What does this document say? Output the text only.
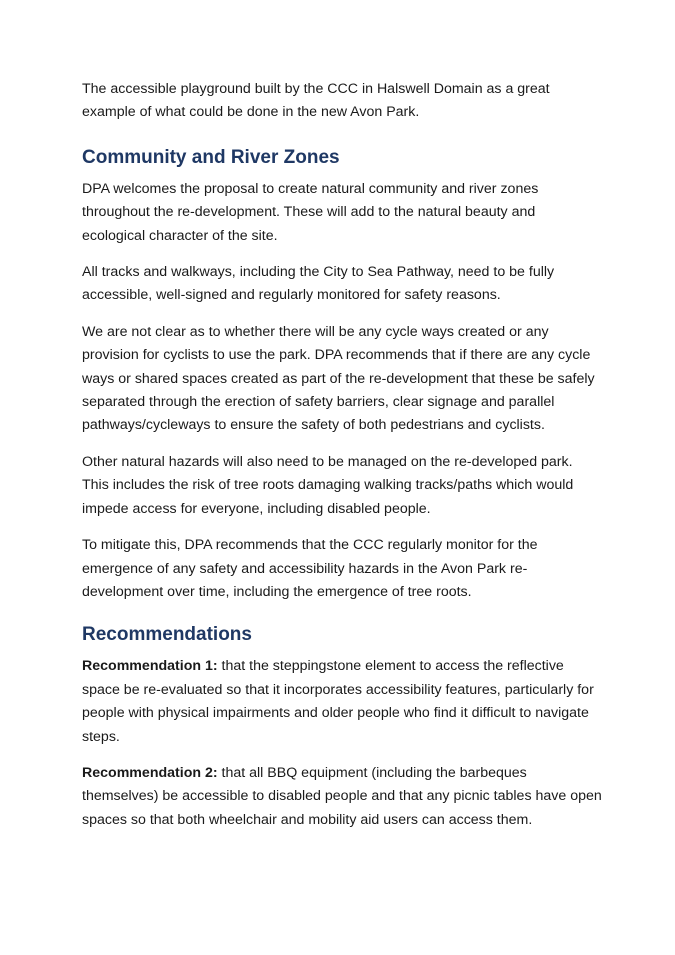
The accessible playground built by the CCC in Halswell Domain as a great example of what could be done in the new Avon Park.

Community and River Zones

DPA welcomes the proposal to create natural community and river zones throughout the re-development. These will add to the natural beauty and ecological character of the site.

All tracks and walkways, including the City to Sea Pathway, need to be fully accessible, well-signed and regularly monitored for safety reasons.

We are not clear as to whether there will be any cycle ways created or any provision for cyclists to use the park. DPA recommends that if there are any cycle ways or shared spaces created as part of the re-development that these be safely separated through the erection of safety barriers, clear signage and parallel pathways/cycleways to ensure the safety of both pedestrians and cyclists.

Other natural hazards will also need to be managed on the re-developed park. This includes the risk of tree roots damaging walking tracks/paths which would impede access for everyone, including disabled people.

To mitigate this, DPA recommends that the CCC regularly monitor for the emergence of any safety and accessibility hazards in the Avon Park re-development over time, including the emergence of tree roots.

Recommendations

Recommendation 1: that the steppingstone element to access the reflective space be re-evaluated so that it incorporates accessibility features, particularly for people with physical impairments and older people who find it difficult to navigate steps.

Recommendation 2: that all BBQ equipment (including the barbeques themselves) be accessible to disabled people and that any picnic tables have open spaces so that both wheelchair and mobility aid users can access them.
